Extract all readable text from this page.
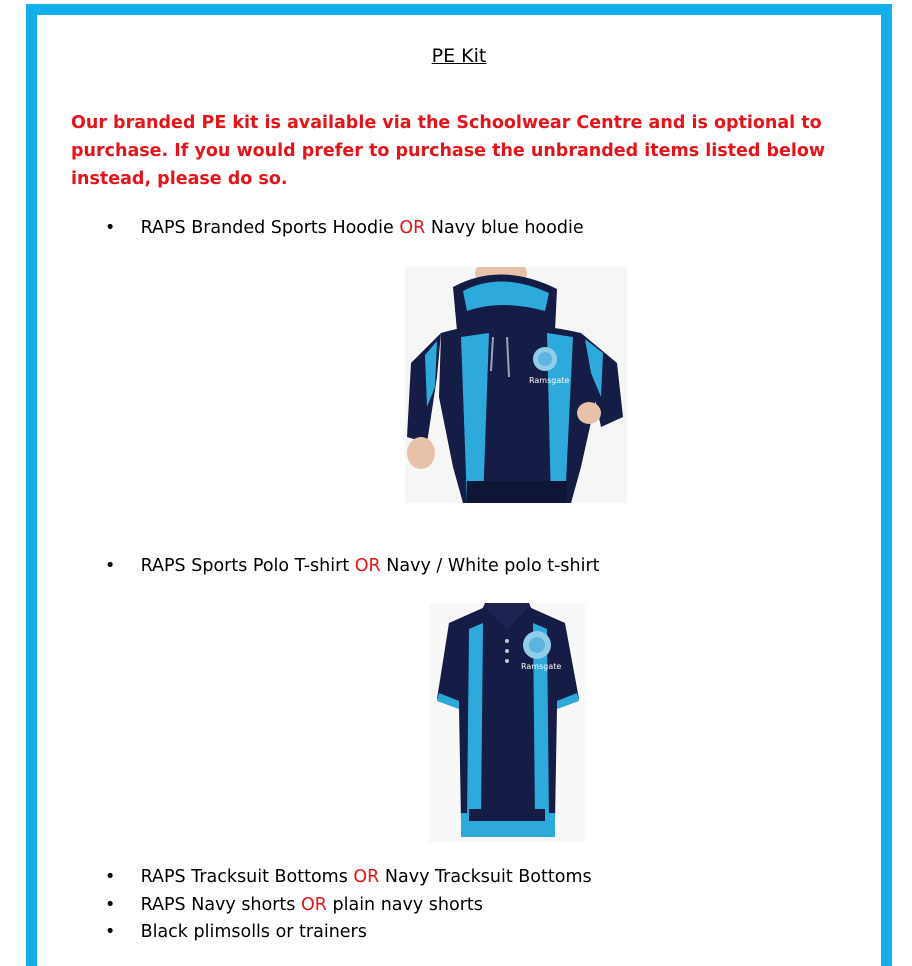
PE Kit
Our branded PE kit is available via the Schoolwear Centre and is optional to purchase. If you would prefer to purchase the unbranded items listed below instead, please do so.
• RAPS Branded Sports Hoodie OR Navy blue hoodie
Ramsgate
• RAPS Sports Polo T-shirt OR Navy / White polo t-shirt
Ramsgate
• RAPS Tracksuit Bottoms OR Navy Tracksuit Bottoms
• RAPS Navy shorts OR plain navy shorts
• Black plimsolls or trainers
